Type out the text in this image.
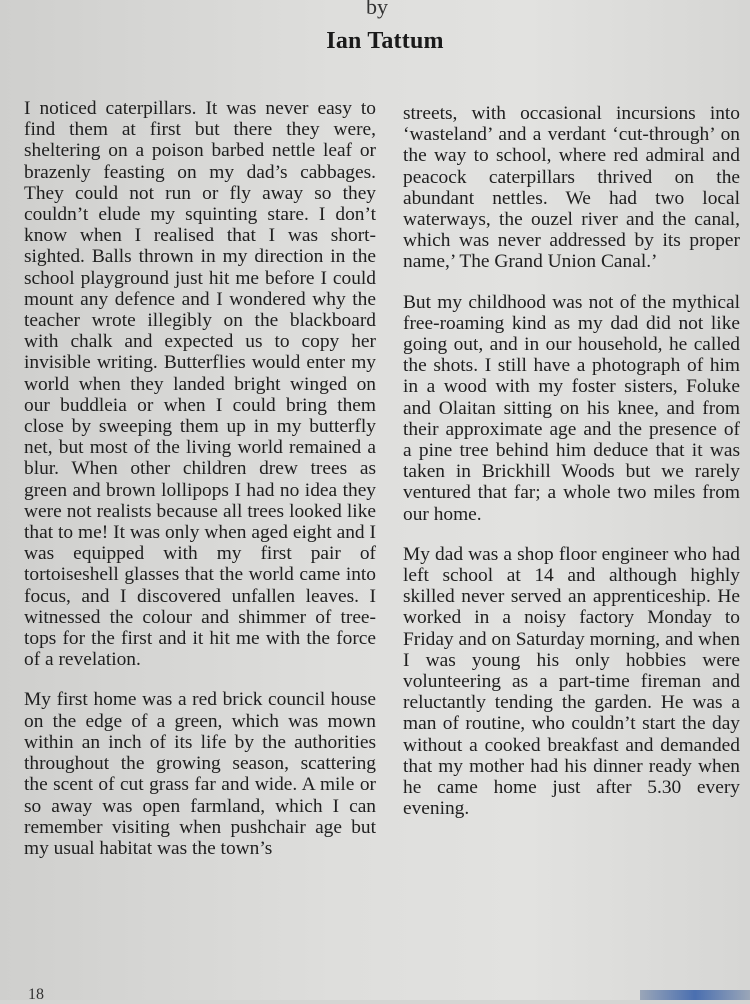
by
Ian Tattum

I noticed caterpillars. It was never easy to find them at first but there they were, sheltering on a poison barbed nettle leaf or brazenly feasting on my dad’s cabbages. They could not run or fly away so they couldn’t elude my squinting stare. I don’t know when I realised that I was short-sighted. Balls thrown in my direction in the school playground just hit me before I could mount any defence and I wondered why the teacher wrote illegibly on the blackboard with chalk and expected us to copy her invisible writing. Butterflies would enter my world when they landed bright winged on our buddleia or when I could bring them close by sweeping them up in my butterfly net, but most of the living world remained a blur. When other children drew trees as green and brown lollipops I had no idea they were not realists because all trees looked like that to me! It was only when aged eight and I was equipped with my first pair of tortoiseshell glasses that the world came into focus, and I discovered unfallen leaves. I witnessed the colour and shimmer of tree-tops for the first and it hit me with the force of a revelation.

My first home was a red brick council house on the edge of a green, which was mown within an inch of its life by the authorities throughout the growing season, scattering the scent of cut grass far and wide. A mile or so away was open farmland, which I can remember visiting when pushchair age but my usual habitat was the town’s

streets, with occasional incursions into ‘wasteland’ and a verdant ‘cut-through’ on the way to school, where red admiral and peacock caterpillars thrived on the abundant nettles. We had two local waterways, the ouzel river and the canal, which was never addressed by its proper name,’ The Grand Union Canal.’

But my childhood was not of the mythical free-roaming kind as my dad did not like going out, and in our household, he called the shots. I still have a photograph of him in a wood with my foster sisters, Foluke and Olaitan sitting on his knee, and from their approximate age and the presence of a pine tree behind him deduce that it was taken in Brickhill Woods but we rarely ventured that far; a whole two miles from our home.

My dad was a shop floor engineer who had left school at 14 and although highly skilled never served an apprenticeship. He worked in a noisy factory Monday to Friday and on Saturday morning, and when I was young his only hobbies were volunteering as a part-time fireman and reluctantly tending the garden. He was a man of routine, who couldn’t start the day without a cooked breakfast and demanded that my mother had his dinner ready when he came home just after 5.30 every evening.

18
